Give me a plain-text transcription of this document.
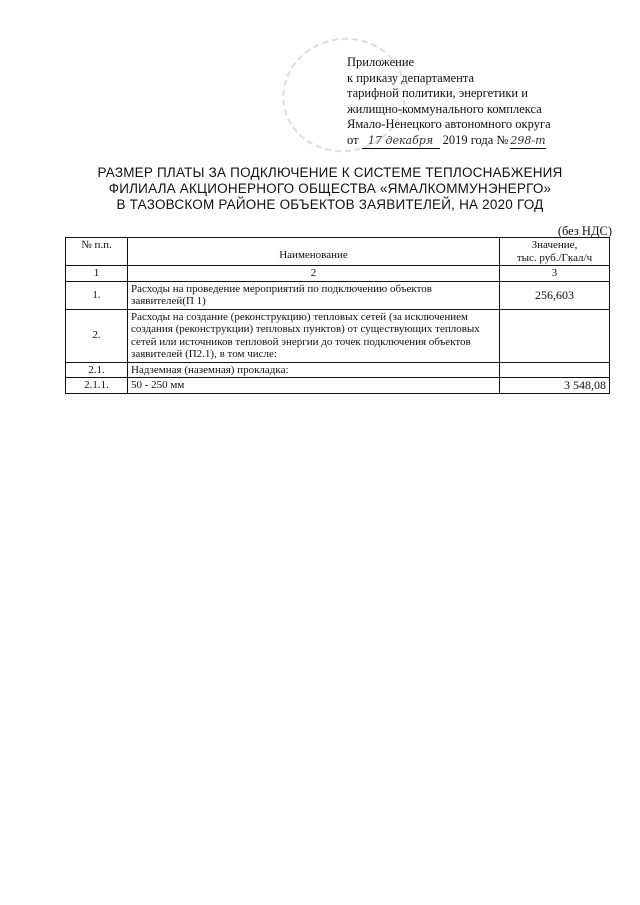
Приложение
к приказу департамента
тарифной политики, энергетики и
жилищно-коммунального комплекса
Ямало-Ненецкого автономного округа
от 17 декабря 2019 года № 298-т
РАЗМЕР ПЛАТЫ ЗА ПОДКЛЮЧЕНИЕ К СИСТЕМЕ ТЕПЛОСНАБЖЕНИЯ
ФИЛИАЛА АКЦИОНЕРНОГО ОБЩЕСТВА «ЯМАЛКОММУНЭНЕРГО»
В ТАЗОВСКОМ РАЙОНЕ ОБЪЕКТОВ ЗАЯВИТЕЛЕЙ, НА 2020 ГОД
(без НДС)
№ п.п.	Наименование	Значение,
тыс. руб./Гкал/ч

1	2	3
1.	Расходы на проведение мероприятий по подключению объектов заявителей(П 1)	256,603
2.	Расходы на создание (реконструкцию) тепловых сетей (за исключением создания (реконструкции) тепловых пунктов) от существующих тепловых сетей или источников тепловой энергии до точек подключения объектов заявителей (П2.1), в том числе:	
2.1.	Надземная (наземная) прокладка:	
2.1.1.	50 - 250 мм	3 548,08
